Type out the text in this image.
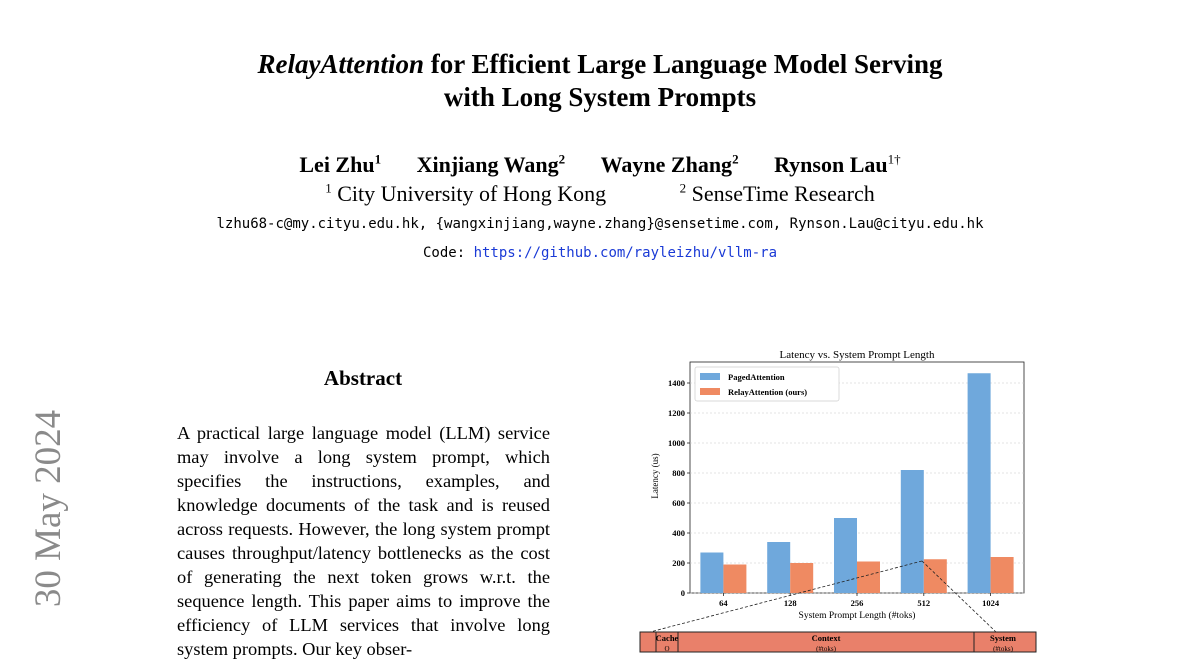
RelayAttention for Efficient Large Language Model Serving
with Long System Prompts
Lei Zhu$^1$ Xinjiang Wang$^2$ Wayne Zhang$^2$ Rynson Lau$^{1\dagger}$
$^1$ City University of Hong Kong	$^2$ SenseTime Research
lzhu68-c@my.cityu.edu.hk, {wangxinjiang,wayne.zhang}@sensetime.com, Rynson.Lau@cityu.edu.hk
Code: https://github.com/rayleizhu/vllm-ra
30 May 2024
Abstract
A practical large language model (LLM) service may involve a long system prompt, which specifies the instructions, examples, and knowledge documents of the task and is reused across requests. However, the long system prompt causes throughput/latency bottlenecks as the cost of generating the next token grows w.r.t. the sequence length. This paper aims to improve the efficiency of LLM services that involve long system prompts. Our key obser-
Latency vs. System Prompt Length
0
200
400
600
800
1000
1200
1400
64	128	256	512	1024
Latency (us)
System Prompt Length (#toks)
PagedAttention
RelayAttention (ours)
Cache
O
Context
(#toks)
System
(#toks)
